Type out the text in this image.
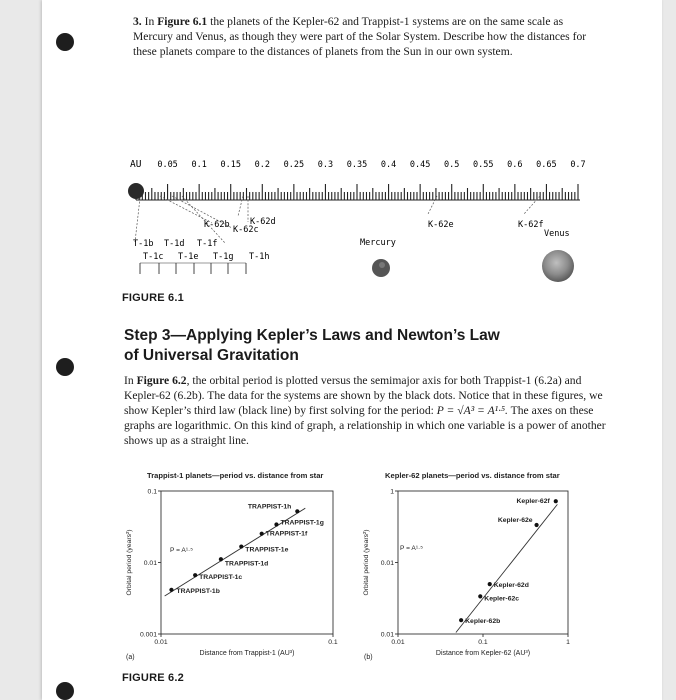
3. In Figure 6.1 the planets of the Kepler-62 and Trappist-1 systems are on the same scale as Mercury and Venus, as though they were part of the Solar System. Describe how the distances for these planets compare to the distances of planets from the Sun in our own system.
AU 0.05 0.1 0.15 0.2 0.25 0.3 0.35 0.4 0.45 0.5 0.55 0.6 0.65 0.7
K-62b K-62c
K-62d	K-62e	K-62f
Venus
Mercury
T-1b T-1d T-1f
T-1c T-1e T-1g T-1h
FIGURE 6.1
Step 3—Applying Kepler’s Laws and Newton’s Law
of Universal Gravitation
In Figure 6.2, the orbital period is plotted versus the semimajor axis for both Trappist-1 (6.2a) and Kepler-62 (6.2b). The data for the systems are shown by the black dots. Notice that in these figures, we show Kepler’s third law (black line) by first solving for the period: P = √A³ = A¹·⁵. The axes on these graphs are logarithmic. On this kind of graph, a relationship in which one variable is a power of another shows up as a straight line.
Trappist-1 planets—period vs. distance from star
0.001
0.01
0.1
0.01	0.1
Distance from Trappist-1 (AU³)
Orbital period (years²)
(a)
P = A¹·⁵
TRAPPIST-1b
TRAPPIST-1c
TRAPPIST-1d
TRAPPIST-1e
TRAPPIST-1f
TRAPPIST-1g
TRAPPIST-1h
Kepler-62 planets—period vs. distance from star
0.01
0.01
1
0.01	0.1	1
Distance from Kepler-62 (AU³)
Orbital period (years²)
(b)
P = A¹·⁵
Kepler-62b
Kepler-62c
Kepler-62d
Kepler-62e
Kepler-62f
FIGURE 6.2
